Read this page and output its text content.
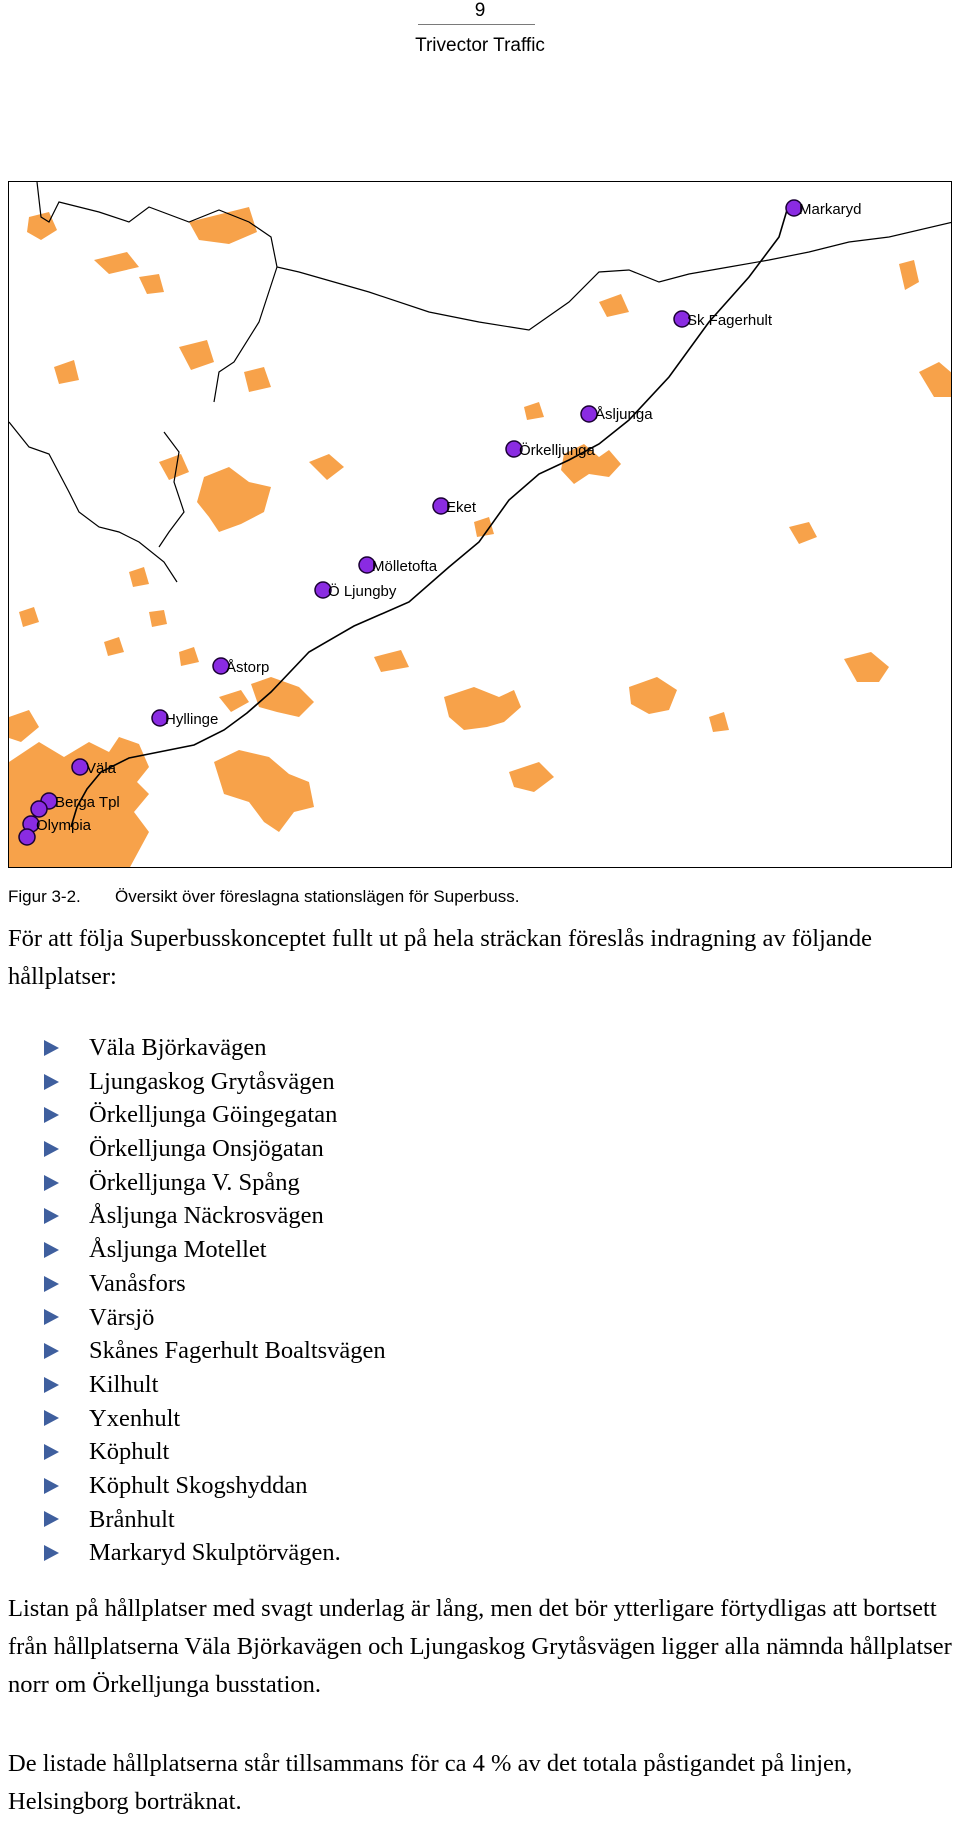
9
Trivector Traffic
Markaryd
Sk Fagerhult
Åsljunga
Örkelljunga
Eket
Mölletofta
Ö Ljungby
Åstorp
Hyllinge
Väla
Berga Tpl
Olympia
Figur 3-2. Översikt över föreslagna stationslägen för Superbuss.

För att följa Superbusskonceptet fullt ut på hela sträckan föreslås indragning av följande hållplatser:

Väla Björkavägen
Ljungaskog Grytåsvägen
Örkelljunga Göingegatan
Örkelljunga Onsjögatan
Örkelljunga V. Spång
Åsljunga Näckrosvägen
Åsljunga Motellet
Vanåsfors
Värsjö
Skånes Fagerhult Boaltsvägen
Kilhult
Yxenhult
Köphult
Köphult Skogshyddan
Brånhult
Markaryd Skulptörvägen.

Listan på hållplatser med svagt underlag är lång, men det bör ytterligare förtydligas att bortsett från hållplatserna Väla Björkavägen och Ljungaskog Grytåsvägen ligger alla nämnda hållplatser norr om Örkelljunga busstation.

De listade hållplatserna står tillsammans för ca 4 % av det totala påstigandet på linjen, Helsingborg borträknat.
